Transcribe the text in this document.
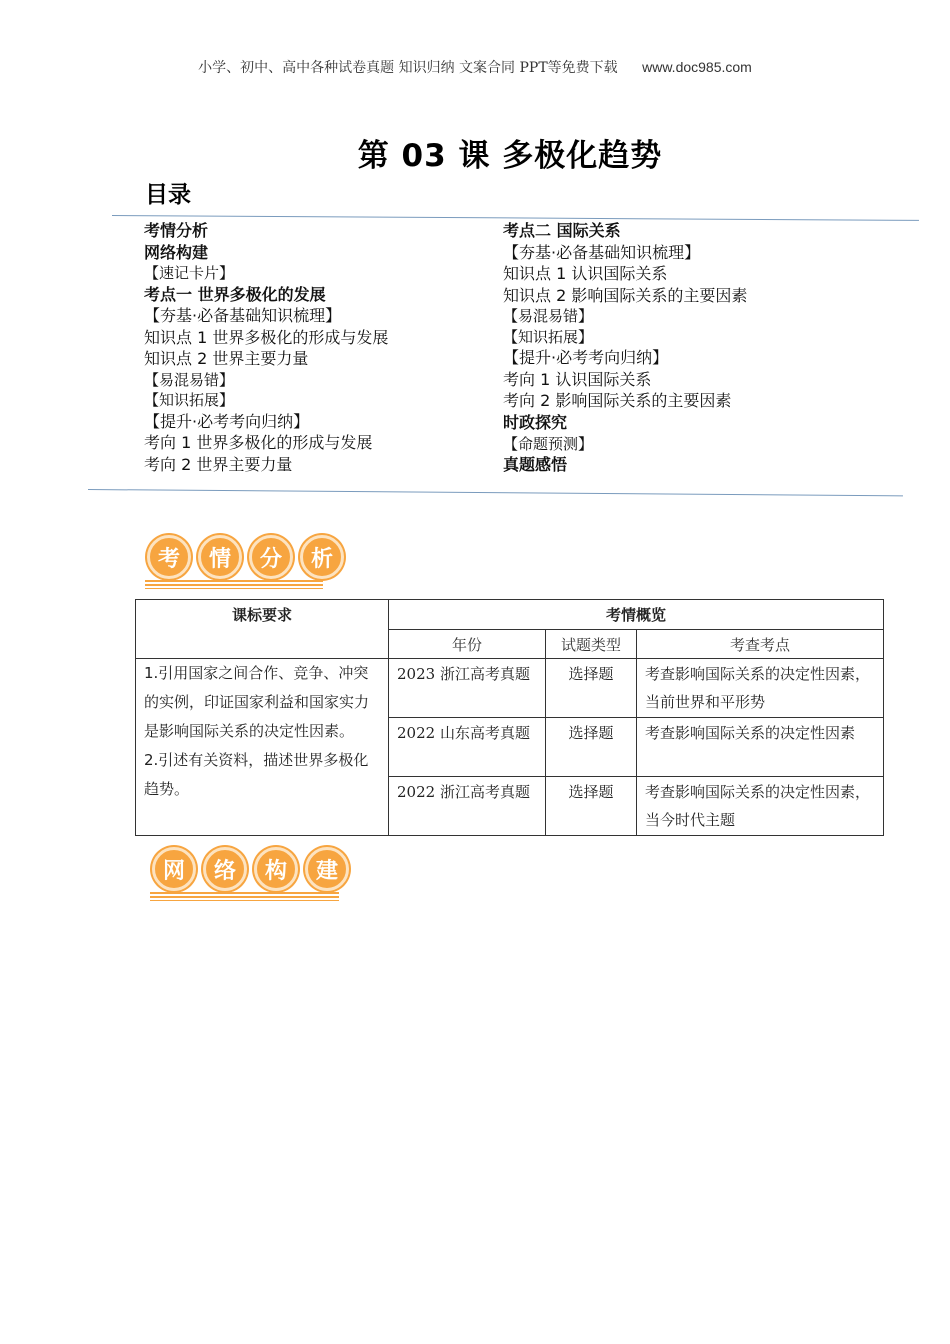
小学、初中、高中各种试卷真题 知识归纳 文案合同 PPT等免费下载 www.doc985.com
第 03 课 多极化趋势
目录
考情分析
网络构建
【速记卡片】
考点一 世界多极化的发展
【夯基·必备基础知识梳理】
知识点 1 世界多极化的形成与发展
知识点 2 世界主要力量
【易混易错】
【知识拓展】
【提升·必考考向归纳】
考向 1 世界多极化的形成与发展
考向 2 世界主要力量
考点二 国际关系
【夯基·必备基础知识梳理】
知识点 1 认识国际关系
知识点 2 影响国际关系的主要因素
【易混易错】
【知识拓展】
【提升·必考考向归纳】
考向 1 认识国际关系
考向 2 影响国际关系的主要因素
时政探究
【命题预测】
真题感悟
考	情	分	析
课标要求	考情概览		
	年份	试题类型	考查考点

1.引用国家之间合作、竞争、冲突的实例，印证国家利益和国家实力是影响国际关系的决定性因素。
2.引述有关资料，描述世界多极化趋势。	2023 浙江高考真题	选择题	考查影响国际关系的决定性因素，当前世界和平形势
	2022 山东高考真题	选择题	考查影响国际关系的决定性因素
	2022 浙江高考真题	选择题	考查影响国际关系的决定性因素，当今时代主题
网	络	构	建
